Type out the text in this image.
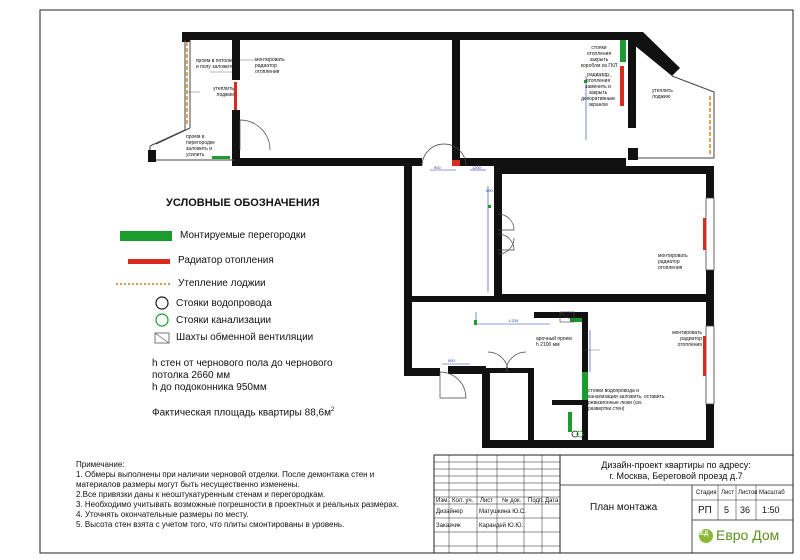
проем в потолке и полу заложить
монтировать радиатор отопления
утеплить лоджии
проем в перегородке заложить и усилить
стояки отопления закрыть коробом из ГКЛ
радиатор отопления заменить и закрыть декоративным экраном
утеплить лоджию
монтировать радиатор отопления
монтировать радиатор отопления
арочный проем h 2100 мм
стояки водопровода и канализации заложить, оставить ревизионные люки (см. развертки стен)
1200
900
600
1 200
900
УСЛОВНЫЕ ОБОЗНАЧЕНИЯ
Монтируемые перегородки
Радиатор отопления
Утепление лоджии
Стояки водопровода
Стояки канализации
Шахты обменной вентиляции
h стен от чернового пола до чернового
потолка 2660 мм
h до подоконника 950мм
Фактическая площадь квартиры $88,6м^2$
Примечание:
1. Обмеры выполнены при наличии черновой отделки. После демонтажа стен и материалов размеры могут быть несущественно изменены.
2.Все привязки даны к неоштукатуренным стенам и перегородкам.
3. Необходимо учитывать возможные погрешности в проектных и реальных размерах.
4. Уточнять окончательные размеры по месту.
5. Высота стен взята с учетом того, что плиты смонтированы в уровень.
Изм. Кол. уч. Лист № док. Подп. Дата
Дизайнер	Матушкина Ю.С.
Заказчик	Карандей Ю.Ю.
Дизайн-проект квартиры по адресу:
г. Москва, Береговой проезд д.7
План монтажа
Стадия Лист Листов Масштаб
РП 5 36 1:50
ЕД Евро Дом
